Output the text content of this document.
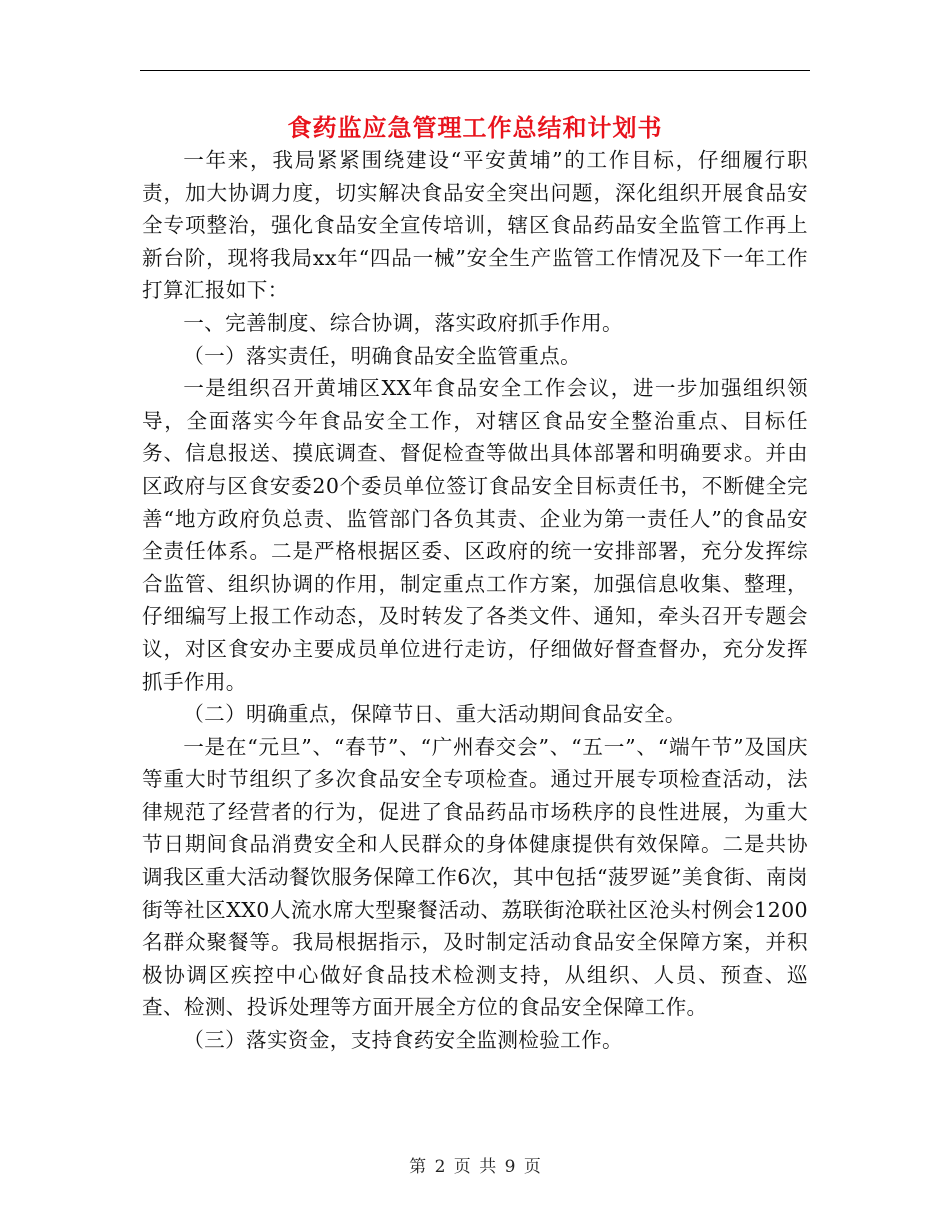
食药监应急管理工作总结和计划书

一年来，我局紧紧围绕建设“平安黄埔”的工作目标，仔细履行职责，加大协调力度，切实解决食品安全突出问题，深化组织开展食品安全专项整治，强化食品安全宣传培训，辖区食品药品安全监管工作再上新台阶，现将我局xx年“四品一械”安全生产监管工作情况及下一年工作打算汇报如下：

一、完善制度、综合协调，落实政府抓手作用。

（一）落实责任，明确食品安全监管重点。

一是组织召开黄埔区XX年食品安全工作会议，进一步加强组织领导，全面落实今年食品安全工作，对辖区食品安全整治重点、目标任务、信息报送、摸底调查、督促检查等做出具体部署和明确要求。并由区政府与区食安委20个委员单位签订食品安全目标责任书，不断健全完善“地方政府负总责、监管部门各负其责、企业为第一责任人”的食品安全责任体系。二是严格根据区委、区政府的统一安排部署，充分发挥综合监管、组织协调的作用，制定重点工作方案，加强信息收集、整理，仔细编写上报工作动态，及时转发了各类文件、通知，牵头召开专题会议，对区食安办主要成员单位进行走访，仔细做好督查督办，充分发挥抓手作用。

（二）明确重点，保障节日、重大活动期间食品安全。

一是在“元旦”、“春节”、“广州春交会”、“五一”、“端午节”及国庆等重大时节组织了多次食品安全专项检查。通过开展专项检查活动，法律规范了经营者的行为，促进了食品药品市场秩序的良性进展，为重大节日期间食品消费安全和人民群众的身体健康提供有效保障。二是共协调我区重大活动餐饮服务保障工作6次，其中包括“菠罗诞”美食街、南岗街等社区XX0人流水席大型聚餐活动、荔联街沧联社区沧头村例会1200名群众聚餐等。我局根据指示，及时制定活动食品安全保障方案，并积极协调区疾控中心做好食品技术检测支持，从组织、人员、预查、巡查、检测、投诉处理等方面开展全方位的食品安全保障工作。

（三）落实资金，支持食药安全监测检验工作。

第 2 页 共 9 页
